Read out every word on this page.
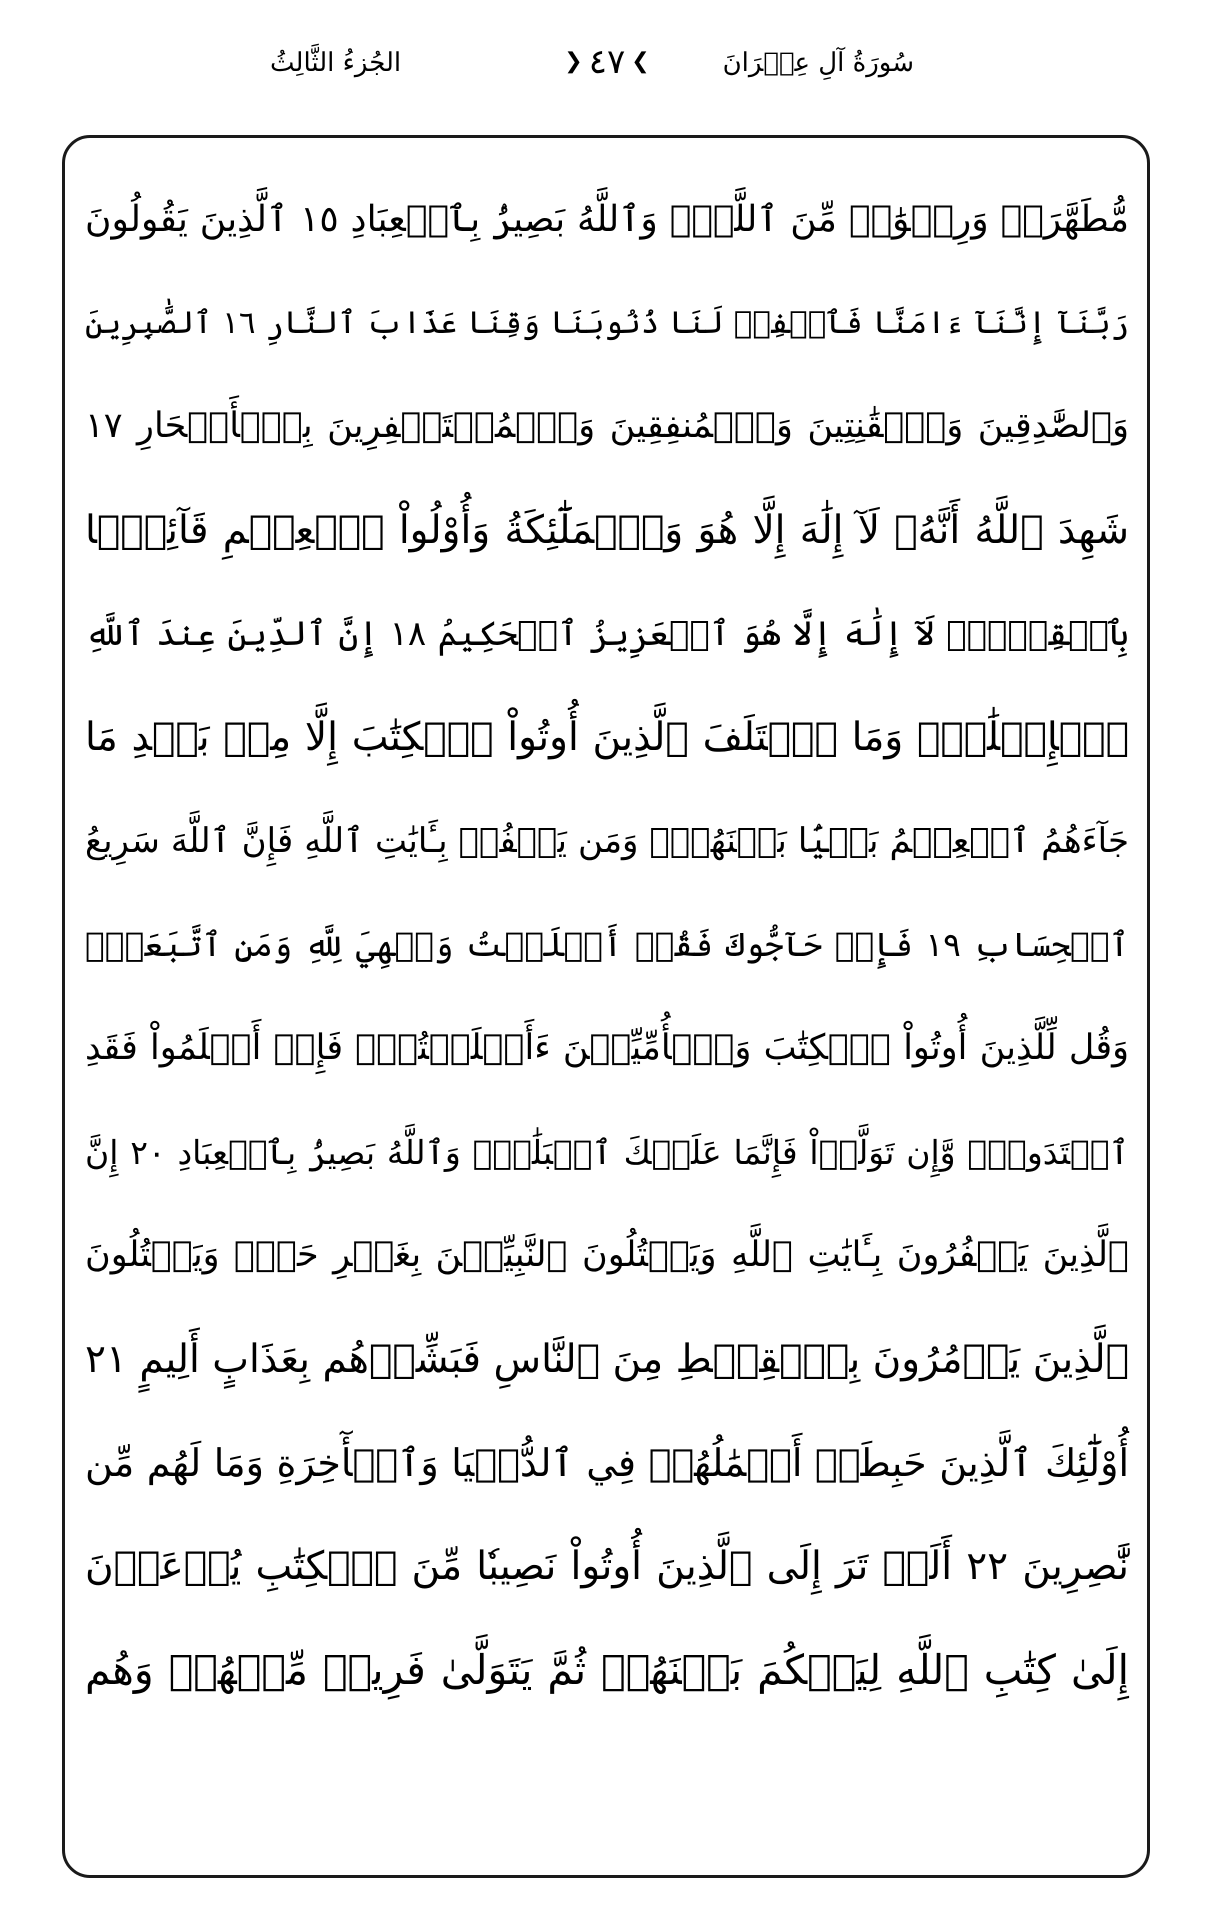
سُورَةُ آلِ عِمۡرَانَ
❯ ٤٧ ❮
الجُزءُ الثَّالِثُ
مُّطَهَّرَةٞ وَرِضۡوَٰنٞ مِّنَ ٱللَّهِۗ وَٱللَّهُ بَصِيرُۢ بِٱلۡعِبَادِ ١٥ ٱلَّذِينَ يَقُولُونَ
رَبَّنَآ إِنَّنَآ ءَامَنَّا فَٱغۡفِرۡ لَنَا ذُنُوبَنَا وَقِنَا عَذَابَ ٱلنَّارِ ١٦ ٱلصَّٰبِرِينَ
وَٱلصَّٰدِقِينَ وَٱلۡقَٰنِتِينَ وَٱلۡمُنفِقِينَ وَٱلۡمُسۡتَغۡفِرِينَ بِٱلۡأَسۡحَارِ ١٧
شَهِدَ ٱللَّهُ أَنَّهُۥ لَآ إِلَٰهَ إِلَّا هُوَ وَٱلۡمَلَٰٓئِكَةُ وَأُوْلُواْ ٱلۡعِلۡمِ قَآئِمَۢا
بِٱلۡقِسۡطِۚ لَآ إِلَٰهَ إِلَّا هُوَ ٱلۡعَزِيزُ ٱلۡحَكِيمُ ١٨ إِنَّ ٱلدِّينَ عِندَ ٱللَّهِ
ٱلۡإِسۡلَٰمُۗ وَمَا ٱخۡتَلَفَ ٱلَّذِينَ أُوتُواْ ٱلۡكِتَٰبَ إِلَّا مِنۢ بَعۡدِ مَا
جَآءَهُمُ ٱلۡعِلۡمُ بَغۡيَۢا بَيۡنَهُمۡۗ وَمَن يَكۡفُرۡ بِـَٔايَٰتِ ٱللَّهِ فَإِنَّ ٱللَّهَ سَرِيعُ
ٱلۡحِسَابِ ١٩ فَإِنۡ حَآجُّوكَ فَقُلۡ أَسۡلَمۡتُ وَجۡهِيَ لِلَّهِ وَمَنِ ٱتَّبَعَنِۗ
وَقُل لِّلَّذِينَ أُوتُواْ ٱلۡكِتَٰبَ وَٱلۡأُمِّيِّـۧنَ ءَأَسۡلَمۡتُمۡۚ فَإِنۡ أَسۡلَمُواْ فَقَدِ
ٱهۡتَدَواْۖ وَّإِن تَوَلَّوۡاْ فَإِنَّمَا عَلَيۡكَ ٱلۡبَلَٰغُۗ وَٱللَّهُ بَصِيرُۢ بِٱلۡعِبَادِ ٢٠ إِنَّ
ٱلَّذِينَ يَكۡفُرُونَ بِـَٔايَٰتِ ٱللَّهِ وَيَقۡتُلُونَ ٱلنَّبِيِّـۧنَ بِغَيۡرِ حَقّٖ وَيَقۡتُلُونَ
ٱلَّذِينَ يَأۡمُرُونَ بِٱلۡقِسۡطِ مِنَ ٱلنَّاسِ فَبَشِّرۡهُم بِعَذَابٍ أَلِيمٍ ٢١
أُوْلَٰٓئِكَ ٱلَّذِينَ حَبِطَتۡ أَعۡمَٰلُهُمۡ فِي ٱلدُّنۡيَا وَٱلۡأٓخِرَةِ وَمَا لَهُم مِّن
نَّٰصِرِينَ ٢٢ أَلَمۡ تَرَ إِلَى ٱلَّذِينَ أُوتُواْ نَصِيبٗا مِّنَ ٱلۡكِتَٰبِ يُدۡعَوۡنَ
إِلَىٰ كِتَٰبِ ٱللَّهِ لِيَحۡكُمَ بَيۡنَهُمۡ ثُمَّ يَتَوَلَّىٰ فَرِيقٞ مِّنۡهُمۡ وَهُم
